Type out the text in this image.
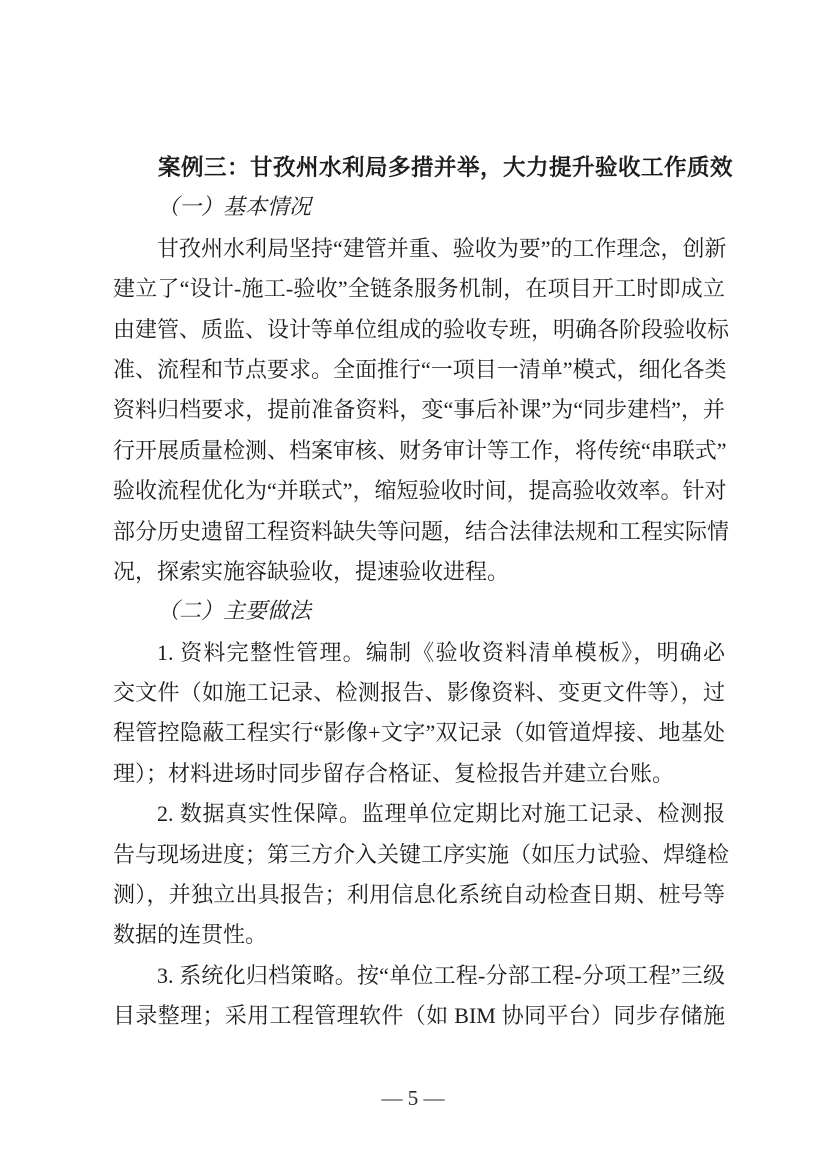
案例三：甘孜州水利局多措并举，大力提升验收工作质效
（一）基本情况
甘孜州水利局坚持“建管并重、验收为要”的工作理念，创新
建立了“设计-施工-验收”全链条服务机制，在项目开工时即成立
由建管、质监、设计等单位组成的验收专班，明确各阶段验收标
准、流程和节点要求。全面推行“一项目一清单”模式，细化各类
资料归档要求，提前准备资料，变“事后补课”为“同步建档”，并
行开展质量检测、档案审核、财务审计等工作，将传统“串联式”
验收流程优化为“并联式”，缩短验收时间，提高验收效率。针对
部分历史遗留工程资料缺失等问题，结合法律法规和工程实际情
况，探索实施容缺验收，提速验收进程。
（二）主要做法
1. 资料完整性管理。编制《验收资料清单模板》，明确必
交文件（如施工记录、检测报告、影像资料、变更文件等），过
程管控隐蔽工程实行“影像+文字”双记录（如管道焊接、地基处
理）；材料进场时同步留存合格证、复检报告并建立台账。
2. 数据真实性保障。监理单位定期比对施工记录、检测报
告与现场进度；第三方介入关键工序实施（如压力试验、焊缝检
测），并独立出具报告；利用信息化系统自动检查日期、桩号等
数据的连贯性。
3. 系统化归档策略。按“单位工程-分部工程-分项工程”三级
目录整理；采用工程管理软件（如 BIM 协同平台）同步存储施
— 5 —
